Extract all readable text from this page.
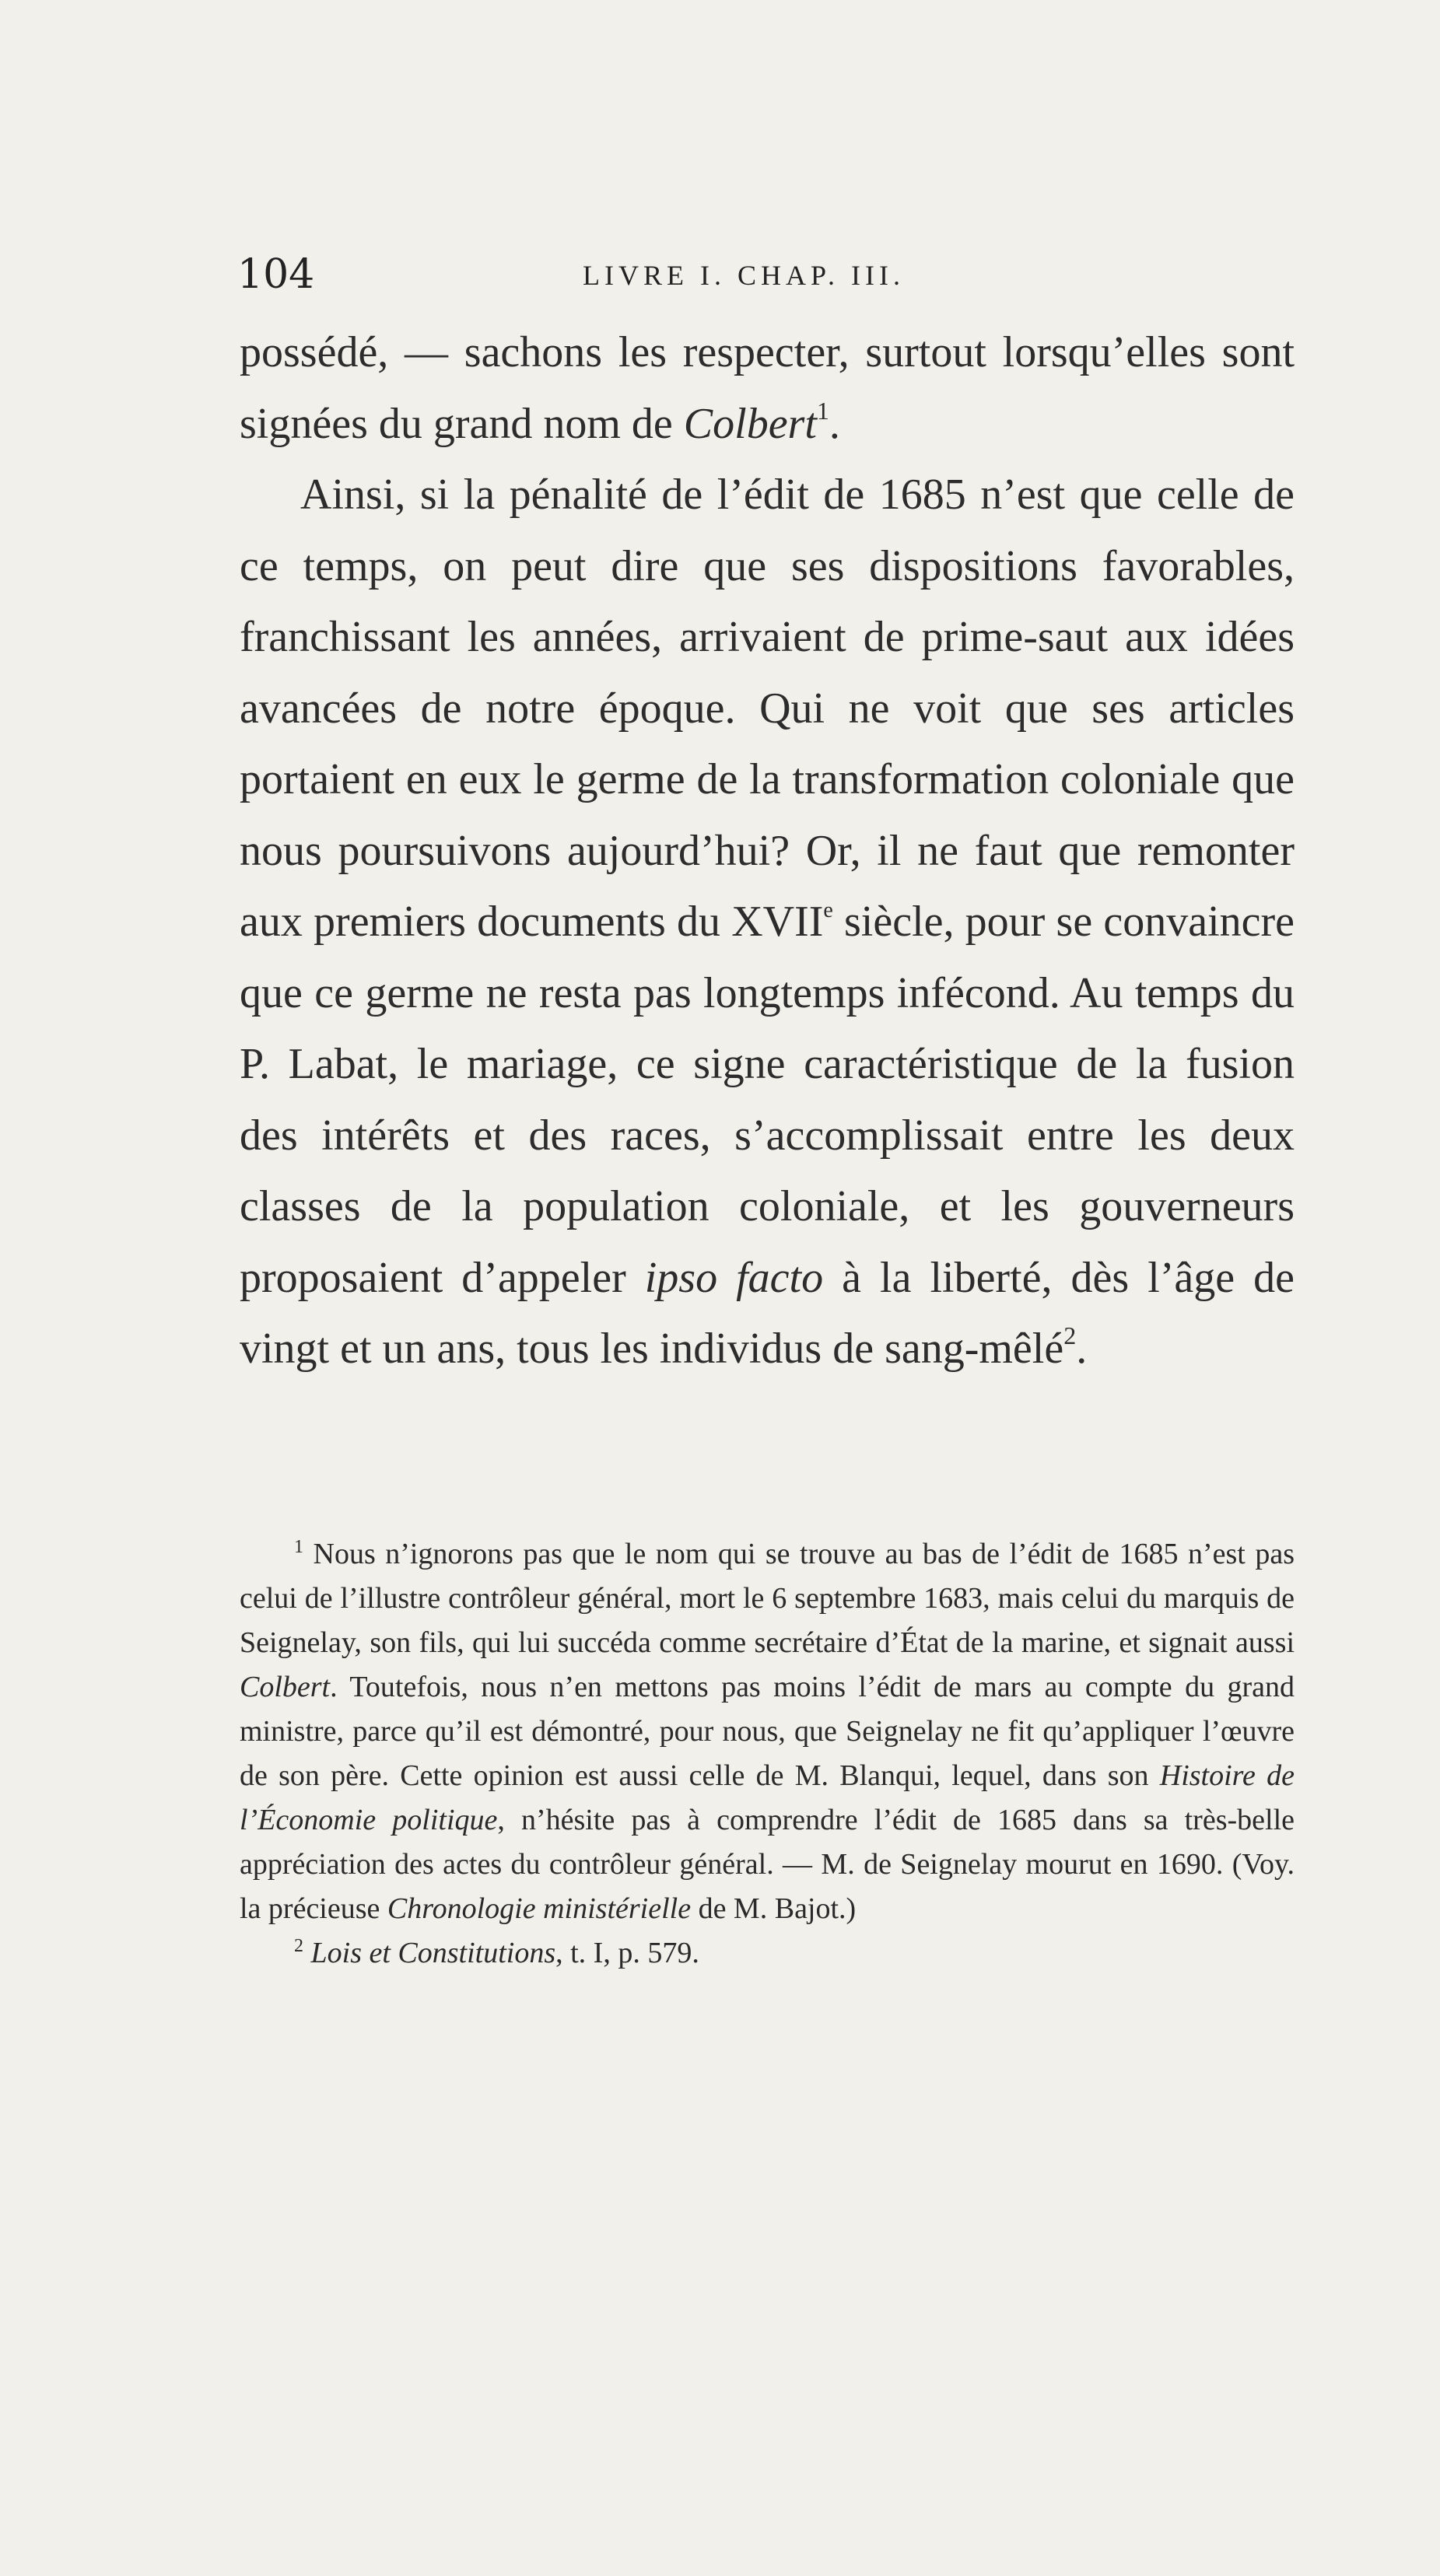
104	LIVRE I. CHAP. III.

possédé, — sachons les respecter, surtout lorsqu’elles sont signées du grand nom de Colbert$^1$.

Ainsi, si la pénalité de l’édit de 1685 n’est que celle de ce temps, on peut dire que ses dispositions favorables, franchissant les années, arrivaient de prime-saut aux idées avancées de notre époque. Qui ne voit que ses articles portaient en eux le germe de la transformation coloniale que nous poursuivons aujourd’hui? Or, il ne faut que remonter aux premiers documents du XVIIe siècle, pour se convaincre que ce germe ne resta pas longtemps infécond. Au temps du P. Labat, le mariage, ce signe caractéristique de la fusion des intérêts et des races, s’accomplissait entre les deux classes de la population coloniale, et les gouverneurs proposaient d’appeler ipso facto à la liberté, dès l’âge de vingt et un ans, tous les individus de sang-mêlé$^2$.

$^1$ Nous n’ignorons pas que le nom qui se trouve au bas de l’édit de 1685 n’est pas celui de l’illustre contrôleur général, mort le 6 septembre 1683, mais celui du marquis de Seignelay, son fils, qui lui succéda comme secrétaire d’État de la marine, et signait aussi Colbert. Toutefois, nous n’en mettons pas moins l’édit de mars au compte du grand ministre, parce qu’il est démontré, pour nous, que Seignelay ne fit qu’appliquer l’œuvre de son père. Cette opinion est aussi celle de M. Blanqui, lequel, dans son Histoire de l’Économie politique, n’hésite pas à comprendre l’édit de 1685 dans sa très-belle appréciation des actes du contrôleur général. — M. de Seignelay mourut en 1690. (Voy. la précieuse Chronologie ministérielle de M. Bajot.)

$^2$ Lois et Constitutions, t. I, p. 579.
